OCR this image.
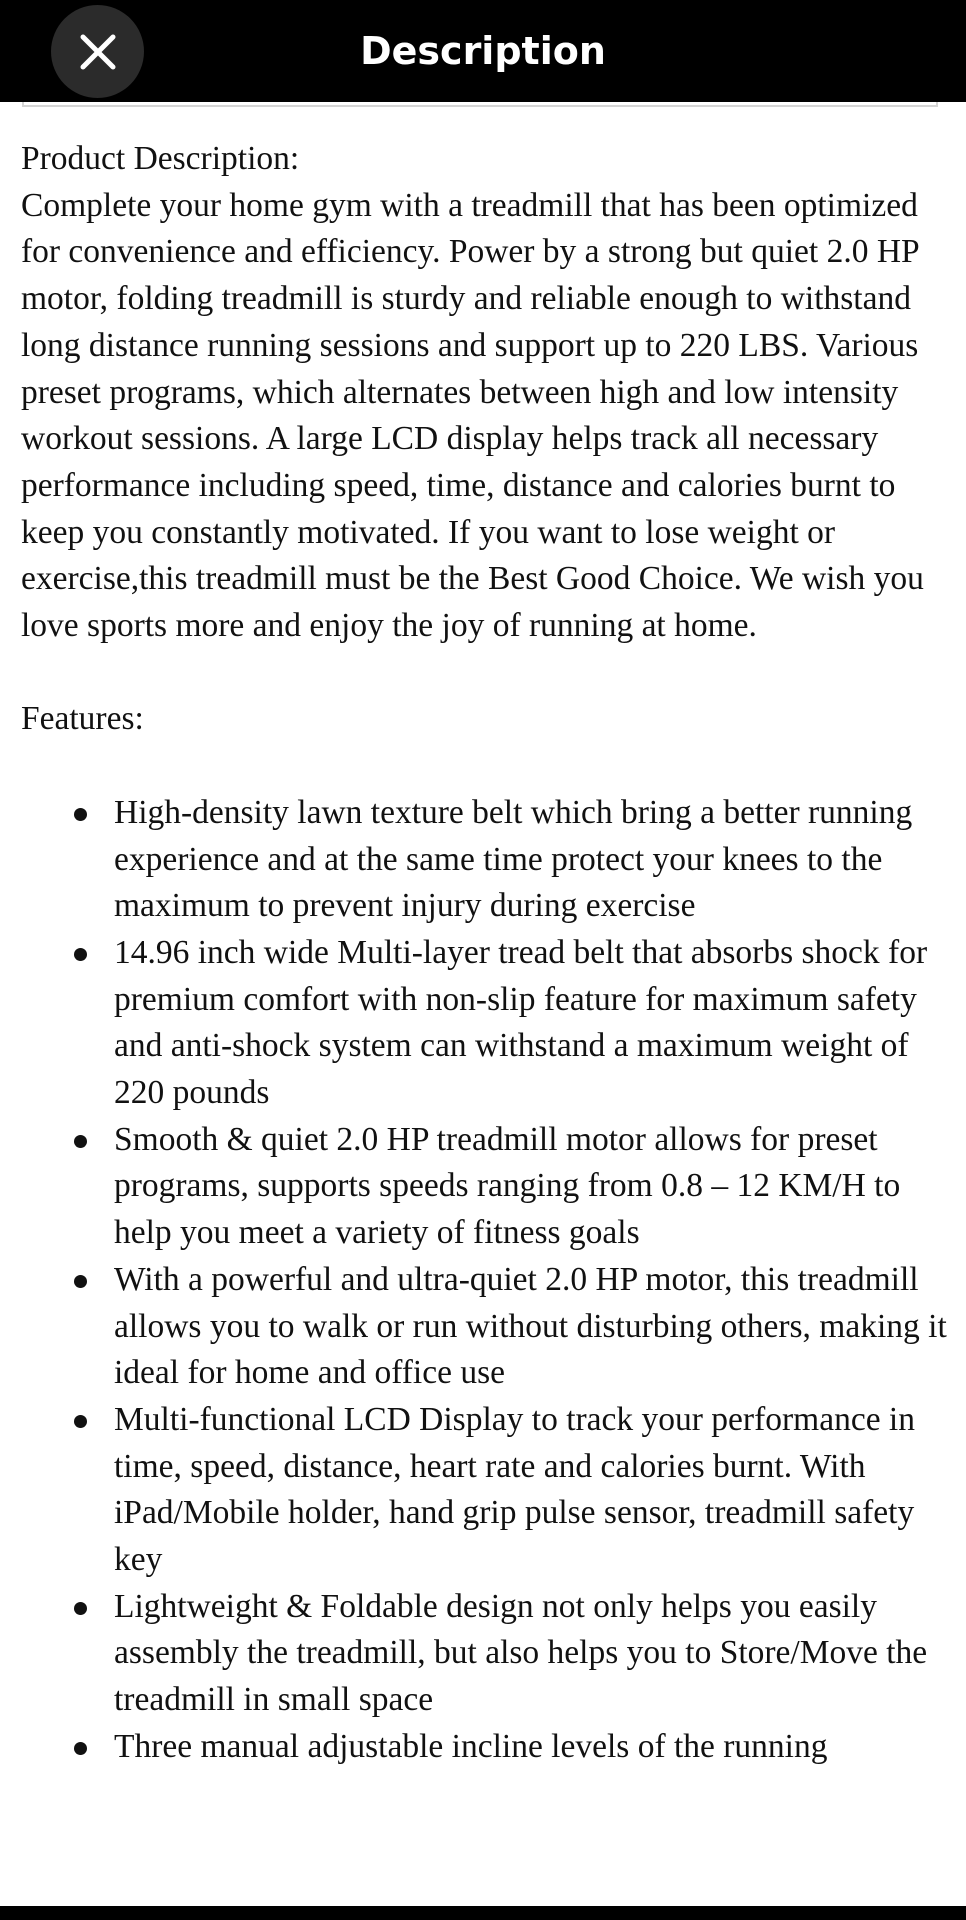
Description

Product Description:

Complete your home gym with a treadmill that has been optimized for convenience and efficiency. Power by a strong but quiet 2.0 HP motor, folding treadmill is sturdy and reliable enough to withstand long distance running sessions and support up to 220 LBS. Various preset programs, which alternates between high and low intensity workout sessions. A large LCD display helps track all necessary performance including speed, time, distance and calories burnt to keep you constantly motivated. If you want to lose weight or exercise,this treadmill must be the Best Good Choice. We wish you love sports more and enjoy the joy of running at home.

Features:

High-density lawn texture belt which bring a better running experience and at the same time protect your knees to the maximum to prevent injury during exercise
14.96 inch wide Multi-layer tread belt that absorbs shock for premium comfort with non-slip feature for maximum safety and anti-shock system can withstand a maximum weight of 220 pounds
Smooth & quiet 2.0 HP treadmill motor allows for preset programs, supports speeds ranging from 0.8 – 12 KM/H to help you meet a variety of fitness goals
With a powerful and ultra-quiet 2.0 HP motor, this treadmill allows you to walk or run without disturbing others, making it ideal for home and office use
Multi-functional LCD Display to track your performance in time, speed, distance, heart rate and calories burnt. With iPad/Mobile holder, hand grip pulse sensor, treadmill safety key
Lightweight & Foldable design not only helps you easily assembly the treadmill, but also helps you to Store/Move the treadmill in small space
Three manual adjustable incline levels of the running
